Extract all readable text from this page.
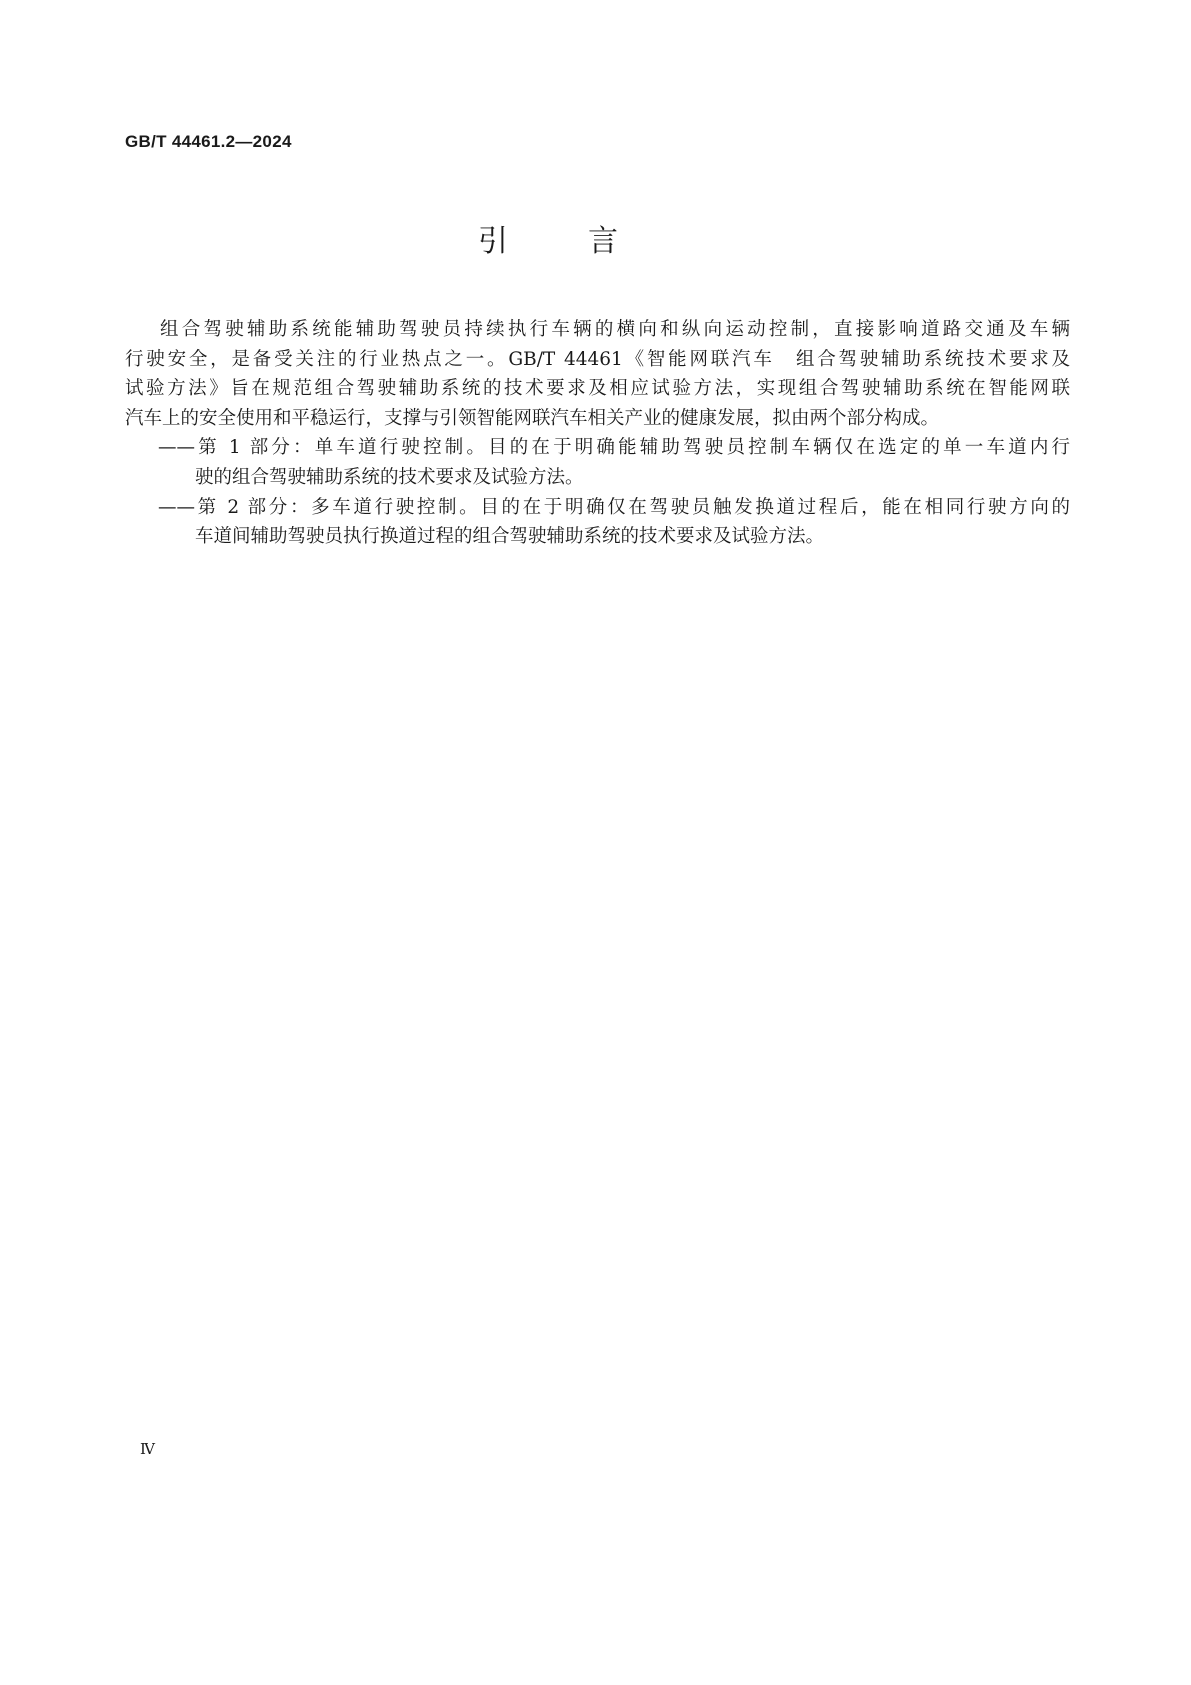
GB/T 44461.2—2024
引	言
组合驾驶辅助系统能辅助驾驶员持续执行车辆的横向和纵向运动控制，直接影响道路交通及车辆
行驶安全，是备受关注的行业热点之一。GB/T 44461《智能网联汽车　组合驾驶辅助系统技术要求及
试验方法》旨在规范组合驾驶辅助系统的技术要求及相应试验方法，实现组合驾驶辅助系统在智能网联
汽车上的安全使用和平稳运行，支撑与引领智能网联汽车相关产业的健康发展，拟由两个部分构成。
——第 1 部分：单车道行驶控制。目的在于明确能辅助驾驶员控制车辆仅在选定的单一车道内行
驶的组合驾驶辅助系统的技术要求及试验方法。
——第 2 部分：多车道行驶控制。目的在于明确仅在驾驶员触发换道过程后，能在相同行驶方向的
车道间辅助驾驶员执行换道过程的组合驾驶辅助系统的技术要求及试验方法。
Ⅳ
